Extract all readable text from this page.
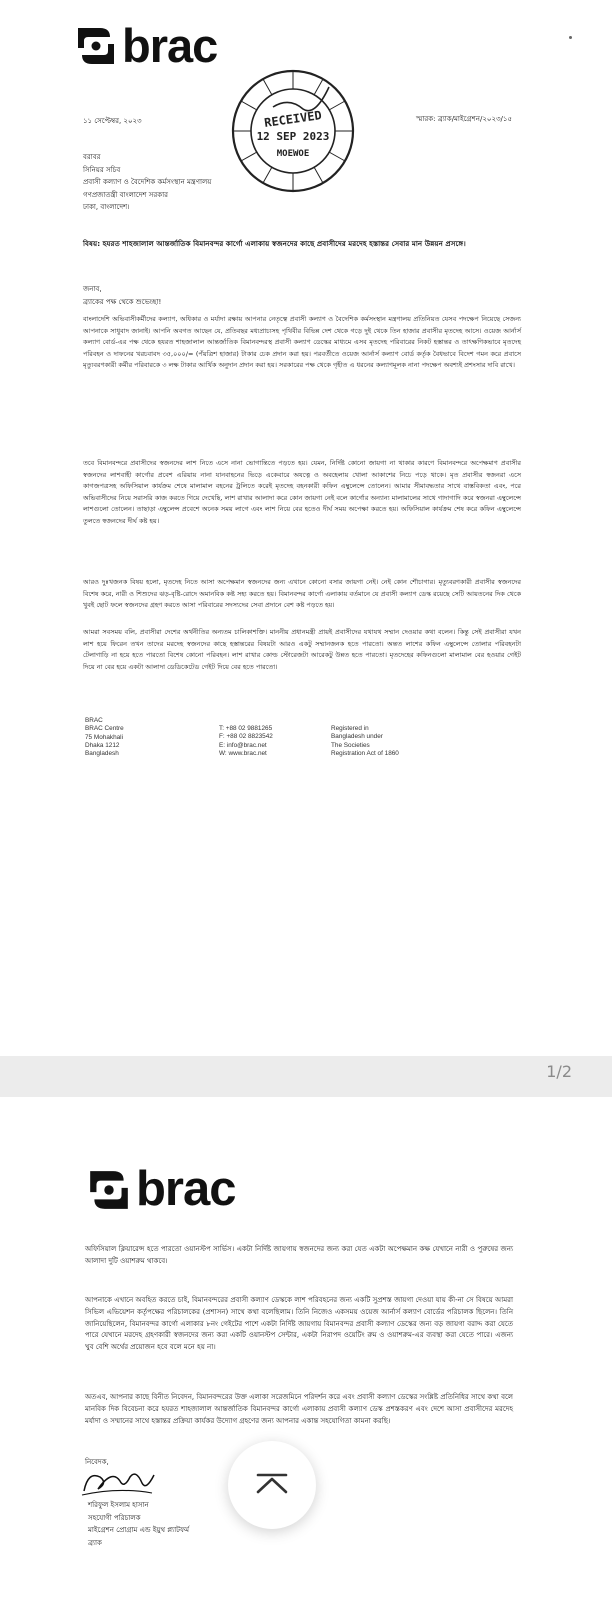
brac
১১ সেপ্টেম্বর, ২০২৩	স্মারক: ব্র্যাক/মাইগ্রেশন/২০২৩/১৫
RECEIVED
12 SEP 2023
MOEWOE
বরাবর
সিনিয়র সচিব
প্রবাসী কল্যাণ ও বৈদেশিক কর্মসংস্থান মন্ত্রণালয়
গণপ্রজাতন্ত্রী বাংলাদেশ সরকার
ঢাকা, বাংলাদেশ।
বিষয়: হযরত শাহজালাল আন্তর্জাতিক বিমানবন্দর কার্গো এলাকায় স্বজনদের কাছে প্রবাসীদের মরদেহ হস্তান্তর সেবার মান উন্নয়ন প্রসঙ্গে।
জনাব,
ব্র্যাকের পক্ষ থেকে শুভেচ্ছা!

বাংলাদেশি অভিবাসীকর্মীদের কল্যাণ, অধিকার ও মর্যাদা রক্ষায় আপনার নেতৃত্বে প্রবাসী কল্যাণ ও বৈদেশিক কর্মসংস্থান মন্ত্রণালয় প্রতিনিয়ত যেসব পদক্ষেপ নিয়েছে সেজন্য আপনাকে সাধুবাদ জানাই। আপনি অবগত আছেন যে, প্রতিবছর মধ্যপ্রাচ্যসহ পৃথিবীর বিভিন্ন দেশ থেকে গড়ে দুই থেকে তিন হাজার প্রবাসীর মৃতদেহ আসে। ওয়েজ আর্নার্স কল্যাণ বোর্ড-এর পক্ষ থেকে হযরত শাহজালাল আন্তর্জাতিক বিমানবন্দরস্থ প্রবাসী কল্যাণ ডেস্কের মাধ্যমে এসব মৃতদেহ পরিবারের নিকট হস্তান্তর ও তাৎক্ষণিকভাবে মৃতদেহ পরিবহন ও দাফনের খরচবাবদ ৩৫,০০০/= (পঁয়ত্রিশ হাজার) টাকার চেক প্রদান করা হয়। পরবর্তীতে ওয়েজ আর্নার্স কল্যাণ বোর্ড কর্তৃক বৈধভাবে বিদেশ গমন করে প্রবাসে মৃত্যুবরণকারী কর্মীর পরিবারকে ৩ লক্ষ টাকার আর্থিক অনুদান প্রদান করা হয়। সরকারের পক্ষ থেকে গৃহীত এ ধরনের কল্যাণমূলক নানা পদক্ষেপ অবশ্যই প্রশংসার দাবি রাখে।

তবে বিমানবন্দরে প্রবাসীদের স্বজনদের লাশ নিতে এসে নানা ভোগান্তিতে পড়তে হয়। যেমন, নির্দিষ্ট কোনো জায়গা না থাকার কারণে বিমানবন্দরে অপেক্ষমাণ প্রবাসীর স্বজনদের লাশবাহী কার্গোর প্রবেশ এরিয়ায় নানা যানবাহনের ভিড়ে একেবারে অযত্নে ও অবহেলায় খোলা আকাশের নিচে পড়ে থাকে। মৃত প্রবাসীর স্বজনরা এসে কাগজপত্রসহ অফিসিয়াল কার্যক্রম শেষে মালামাল বহনের ট্রলিতে করেই মৃতদেহ বহনকারী কফিন এম্বুলেন্সে তোলেন। আমার সীমাবদ্ধতার সাথে বাস্তবিকতা এবং, পরে অভিবাসীদের নিয়ে সরাসরি কাজ করতে গিয়ে দেখেছি, লাশ রাখার আলাদা করে কোন জায়গা নেই বলে কার্গোর অন্যান্য মালামালের সাথে গাদাগাদি করে স্বজনরা এম্বুলেন্সে লাশগুলো তোলেন। তাছাড়া এম্বুলেন্স প্রবেশে অনেক সময় লাগে এবং লাশ নিয়ে বের হতেও দীর্ঘ সময় অপেক্ষা করতে হয়। অফিসিয়াল কার্যক্রম শেষ করে কফিন এম্বুলেন্সে তুলতে স্বজনদের দীর্ঘ কষ্ট হয়।

আরও দুঃখজনক বিষয় হলো, মৃতদেহ নিতে আসা অপেক্ষমান স্বজনদের জন্য এখানে কোনো বসার জায়গা নেই। নেই কোন শৌচাগার। মৃত্যুবরণকারী প্রবাসীর স্বজনদের বিশেষ করে, নারী ও শিশুদের ঝড়-বৃষ্টি-রোদে অমানবিক কষ্ট সহ্য করতে হয়। বিমানবন্দর কার্গো এলাকায় বর্তমানে যে প্রবাসী কল্যাণ ডেস্ক রয়েছে সেটি আয়তনের দিক থেকে খুবই ছোট ফলে স্বজনদের গ্রহণ করতে আসা পরিবারের সদস্যদের সেবা প্রদানে বেশ কষ্ট পড়তে হয়।

আমরা সবসময় বলি, প্রবাসীরা দেশের অর্থনীতির অন্যতম চালিকাশক্তি। মাননীয় প্রধানমন্ত্রী প্রায়ই প্রবাসীদের যথাযথ সম্মান দেওয়ার কথা বলেন। কিন্তু সেই প্রবাসীরা যখন লাশ হয়ে ফিরেন তখন তাদের মরদেহ স্বজনদের কাছে হস্তান্তরের বিষয়টা আরও একটু সম্মানজনক হতে পারতো। অন্তত লাশের কফিন এম্বুলেন্সে তোলার পরিবহনটা টেলাগাড়ি না হয়ে হতে পারতো বিশেষ কোনো পরিবহন। লাশ রাখার কোল্ড স্টোরেজটা আরেকটু উন্নত হতে পারতো। মৃতদেহের কফিনগুলো মালামাল বের হওয়ার গেইট দিয়ে না বের হয়ে একটা আলাদা ডেডিকেটেড গেইট দিয়ে বের হতে পারতো।

BRAC
BRAC Centre
75 Mohakhali
Dhaka 1212
Bangladesh
T: +88 02 9881265
F: +88 02 8823542
E: info@brac.net
W: www.brac.net
Registered in
Bangladesh under
The Societies
Registration Act of 1860
1/2
brac

অফিসিয়াল ক্লিয়ারেন্স হতে পারতো ওয়ানস্টপ সার্ভিস। একটা নির্দিষ্ট জায়গায় স্বজনদের জন্য করা যেত একটা অপেক্ষমান কক্ষ যেখানে নারী ও পুরুষের জন্য আলাদা দুটি ওয়াশরুম থাকবে।

আপনাকে এখানে অবহিত করতে চাই, বিমানবন্দরের প্রবাসী কল্যাণ ডেস্ককে লাশ পরিবহনের জন্য একটি সুপ্রশস্ত জায়গা দেওয়া যায় কী-না সে বিষয়ে আমরা সিভিল এভিয়েশন কর্তৃপক্ষের পরিচালকের (প্রশাসন) সাথে কথা বলেছিলাম। তিনি নিজেও একসময় ওয়েজ আর্নার্স কল্যাণ বোর্ডের পরিচালক ছিলেন। তিনি জানিয়েছিলেন, বিমানবন্দর কার্গো এলাকার ৮নং গেইটের পাশে একটা নির্দিষ্ট জায়গায় বিমানবন্দর প্রবাসী কল্যাণ ডেস্কের জন্য বড় জায়গা বরাদ্দ করা যেতে পারে যেখানে মরদেহ গ্রহণকারী স্বজনদের জন্য করা একটি ওয়ানস্টপ সেন্টার, একটা নিরাপদ ওয়েটিং রুম ও ওয়াশরুম-এর ব্যবস্থা করা যেতে পারে। এজন্য খুব বেশি অর্থের প্রয়োজন হবে বলে মনে হয় না।

অতএব, আপনার কাছে বিনীত নিবেদন, বিমানবন্দরের উক্ত এলাকা সরেজমিনে পরিদর্শন করে এবং প্রবাসী কল্যাণ ডেস্কের সংশ্লিষ্ট প্রতিনিধির সাথে কথা বলে মানবিক দিক বিবেচনা করে হযরত শাহজালাল আন্তর্জাতিক বিমানবন্দর কার্গো এলাকায় প্রবাসী কল্যাণ ডেস্ক প্রশস্তকরণ এবং দেশে আসা প্রবাসীদের মরদেহ মর্যাদা ও সম্মানের সাথে হস্তান্তর প্রক্রিয়া কার্যকর উদ্যোগ গ্রহণের জন্য আপনার একান্ত সহযোগিতা কামনা করছি।

নিবেদক,
শরিফুল ইসলাম হাসান
সহযোগী পরিচালক
মাইগ্রেশন প্রোগ্রাম এন্ড ইয়ুথ প্ল্যাটফর্ম
ব্র্যাক
